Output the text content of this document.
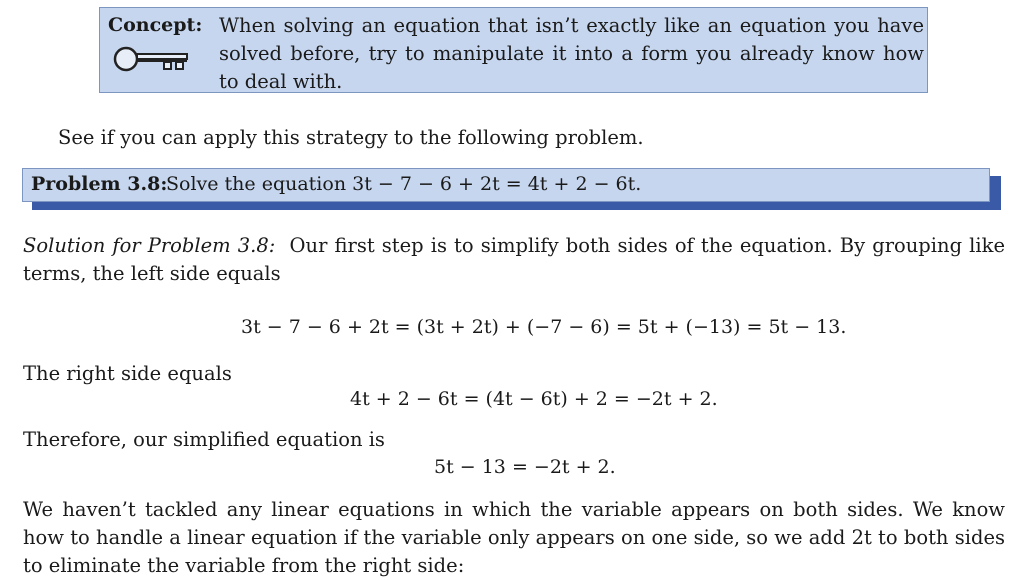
Concept: When solving an equation that isn’t exactly like an equation you have solved before, try to manipulate it into a form you already know how to deal with.
See if you can apply this strategy to the following problem.
Problem 3.8:
Solve the equation 3t − 7 − 6 + 2t = 4t + 2 − 6t.
Solution for Problem 3.8: Our first step is to simplify both sides of the equation. By grouping like terms, the left side equals
3t − 7 − 6 + 2t = (3t + 2t) + (−7 − 6) = 5t + (−13) = 5t − 13.
The right side equals
4t + 2 − 6t = (4t − 6t) + 2 = −2t + 2.
Therefore, our simplified equation is
5t − 13 = −2t + 2.
We haven’t tackled any linear equations in which the variable appears on both sides. We know how to handle a linear equation if the variable only appears on one side, so we add 2t to both sides to eliminate the variable from the right side:
